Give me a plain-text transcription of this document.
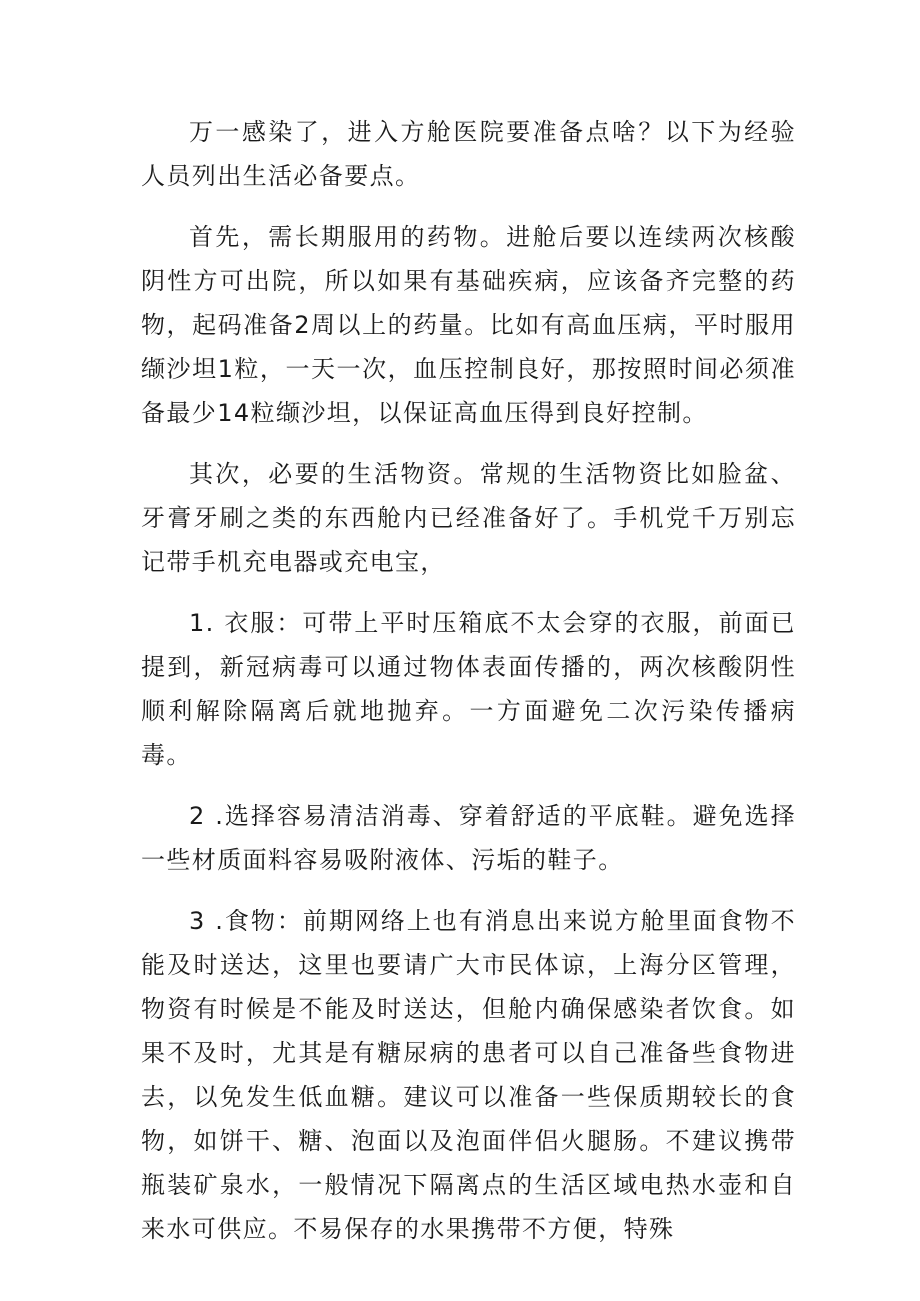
万一感染了，进入方舱医院要准备点啥？以下为经验人员列出生活必备要点。

首先，需长期服用的药物。进舱后要以连续两次核酸阴性方可出院，所以如果有基础疾病，应该备齐完整的药物，起码准备2周以上的药量。比如有高血压病，平时服用缬沙坦1粒，一天一次，血压控制良好，那按照时间必须准备最少14粒缬沙坦，以保证高血压得到良好控制。

其次，必要的生活物资。常规的生活物资比如脸盆、牙膏牙刷之类的东西舱内已经准备好了。手机党千万别忘记带手机充电器或充电宝，

1. 衣服：可带上平时压箱底不太会穿的衣服，前面已提到，新冠病毒可以通过物体表面传播的，两次核酸阴性顺利解除隔离后就地抛弃。一方面避免二次污染传播病毒。

2 .选择容易清洁消毒、穿着舒适的平底鞋。避免选择一些材质面料容易吸附液体、污垢的鞋子。

3 .食物：前期网络上也有消息出来说方舱里面食物不能及时送达，这里也要请广大市民体谅，上海分区管理，物资有时候是不能及时送达，但舱内确保感染者饮食。如果不及时，尤其是有糖尿病的患者可以自己准备些食物进去，以免发生低血糖。建议可以准备一些保质期较长的食物，如饼干、糖、泡面以及泡面伴侣火腿肠。不建议携带瓶装矿泉水，一般情况下隔离点的生活区域电热水壶和自来水可供应。不易保存的水果携带不方便，特殊
